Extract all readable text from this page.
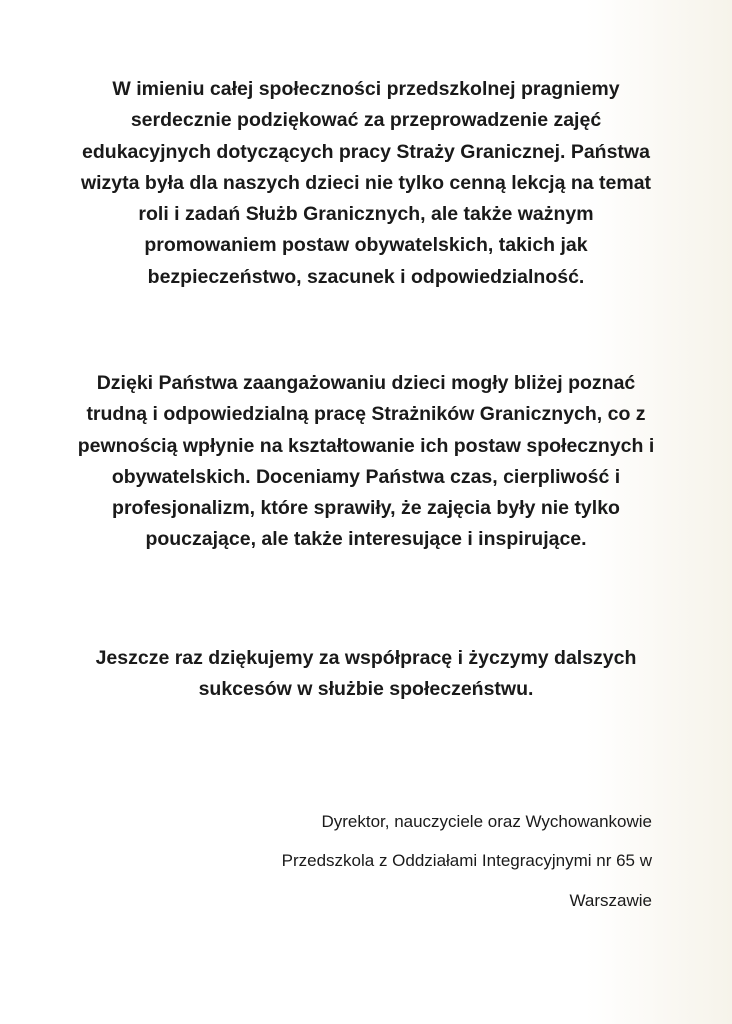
W imieniu całej społeczności przedszkolnej pragniemy serdecznie podziękować za przeprowadzenie zajęć edukacyjnych dotyczących pracy Straży Granicznej. Państwa wizyta była dla naszych dzieci nie tylko cenną lekcją na temat roli i zadań Służb Granicznych, ale także ważnym promowaniem postaw obywatelskich, takich jak bezpieczeństwo, szacunek i odpowiedzialność.

Dzięki Państwa zaangażowaniu dzieci mogły bliżej poznać trudną i odpowiedzialną pracę Strażników Granicznych, co z pewnością wpłynie na kształtowanie ich postaw społecznych i obywatelskich. Doceniamy Państwa czas, cierpliwość i profesjonalizm, które sprawiły, że zajęcia były nie tylko pouczające, ale także interesujące i inspirujące.

Jeszcze raz dziękujemy za współpracę i życzymy dalszych sukcesów w służbie społeczeństwu.

Dyrektor, nauczyciele oraz Wychowankowie

Przedszkola z Oddziałami Integracyjnymi nr 65 w

Warszawie
